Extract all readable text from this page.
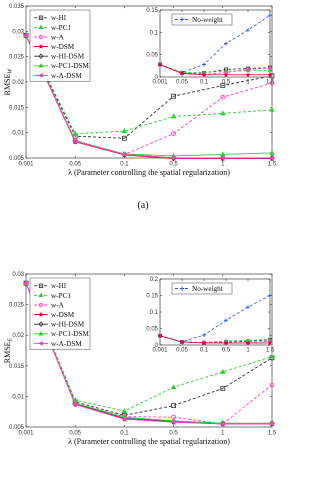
0.005
0.01
0.015
0.02
0.025
0.03
0.035
0.001	0.05	0.1	0.5	1	1.5
RMSEW
λ (Parameter controlling the spatial regularization)
w-HI
w-PC1
w-A
w-DSM
w-HI-DSM
w-PC1-DSM
w-A-DSM	0
0.05
0.1
0.15
0.001 0.05 0.1 0.5	1	1.5
No-weight
(a)
0.005
0.01
0.015
0.02
0.025
0.03
0.001	0.05	0.1	0.5	1	1.5
RMSEE
λ (Parameter controlling the spatial regularization)
w-HI
w-PC1
w-A
w-DSM
w-HI-DSM
w-PC1-DSM
w-A-DSM	0
0.05
0.1
0.15
0.2
0.001 0.05 0.1 0.5	1	1.5
No-weight
